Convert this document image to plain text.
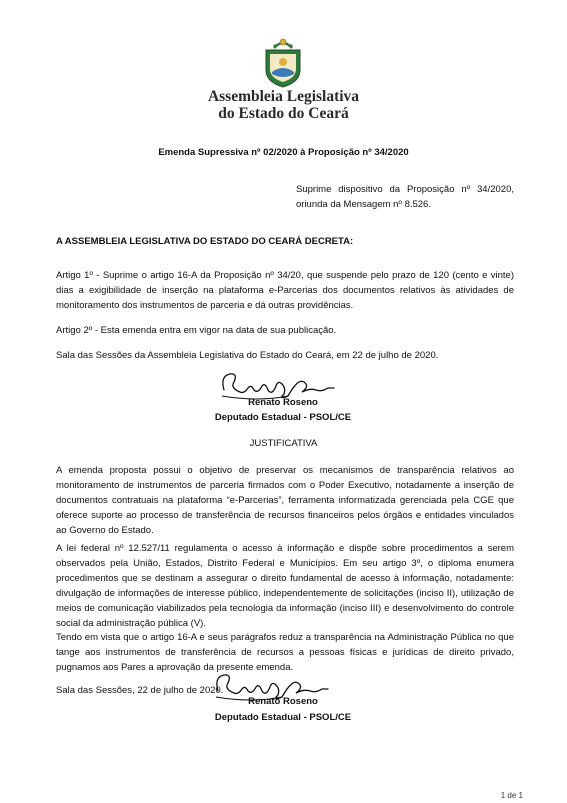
Assembleia Legislativa
do Estado do Ceará
Emenda Supressiva nº 02/2020 à Proposição nº 34/2020
Suprime dispositivo da Proposição nº 34/2020, oriunda da Mensagem nº 8.526.
A ASSEMBLEIA LEGISLATIVA DO ESTADO DO CEARÁ DECRETA:
Artigo 1º - Suprime o artigo 16-A da Proposição nº 34/20, que suspende pelo prazo de 120 (cento e vinte) dias a exigibilidade de inserção na plataforma e-Parcerias dos documentos relativos às atividades de monitoramento dos instrumentos de parceria e dá outras providências.
Artigo 2º - Esta emenda entra em vigor na data de sua publicação.
Sala das Sessões da Assembleia Legislativa do Estado do Ceará, em 22 de julho de 2020.
Renato Roseno
Deputado Estadual - PSOL/CE
JUSTIFICATIVA
A emenda proposta possui o objetivo de preservar os mecanismos de transparência relativos ao monitoramento de instrumentos de parceria firmados com o Poder Executivo, notadamente a inserção de documentos contratuais na plataforma “e-Parcerias”, ferramenta informatizada gerenciada pela CGE que oferece suporte ao processo de transferência de recursos financeiros pelos órgãos e entidades vinculados ao Governo do Estado.
A lei federal nº 12.527/11 regulamenta o acesso à informação e dispõe sobre procedimentos a serem observados pela União, Estados, Distrito Federal e Municípios. Em seu artigo 3º, o diploma enumera procedimentos que se destinam a assegurar o direito fundamental de acesso à informação, notadamente: divulgação de informações de interesse público, independentemente de solicitações (inciso II), utilização de meios de comunicação viabilizados pela tecnologia da informação (inciso III) e desenvolvimento do controle social da administração pública (V).
Tendo em vista que o artigo 16-A e seus parágrafos reduz a transparência na Administração Pública no que tange aos instrumentos de transferência de recursos a pessoas físicas e jurídicas de direito privado, pugnamos aos Pares a aprovação da presente emenda.
Sala das Sessões, 22 de julho de 2020.
Renato Roseno
Deputado Estadual - PSOL/CE
1 de 1
